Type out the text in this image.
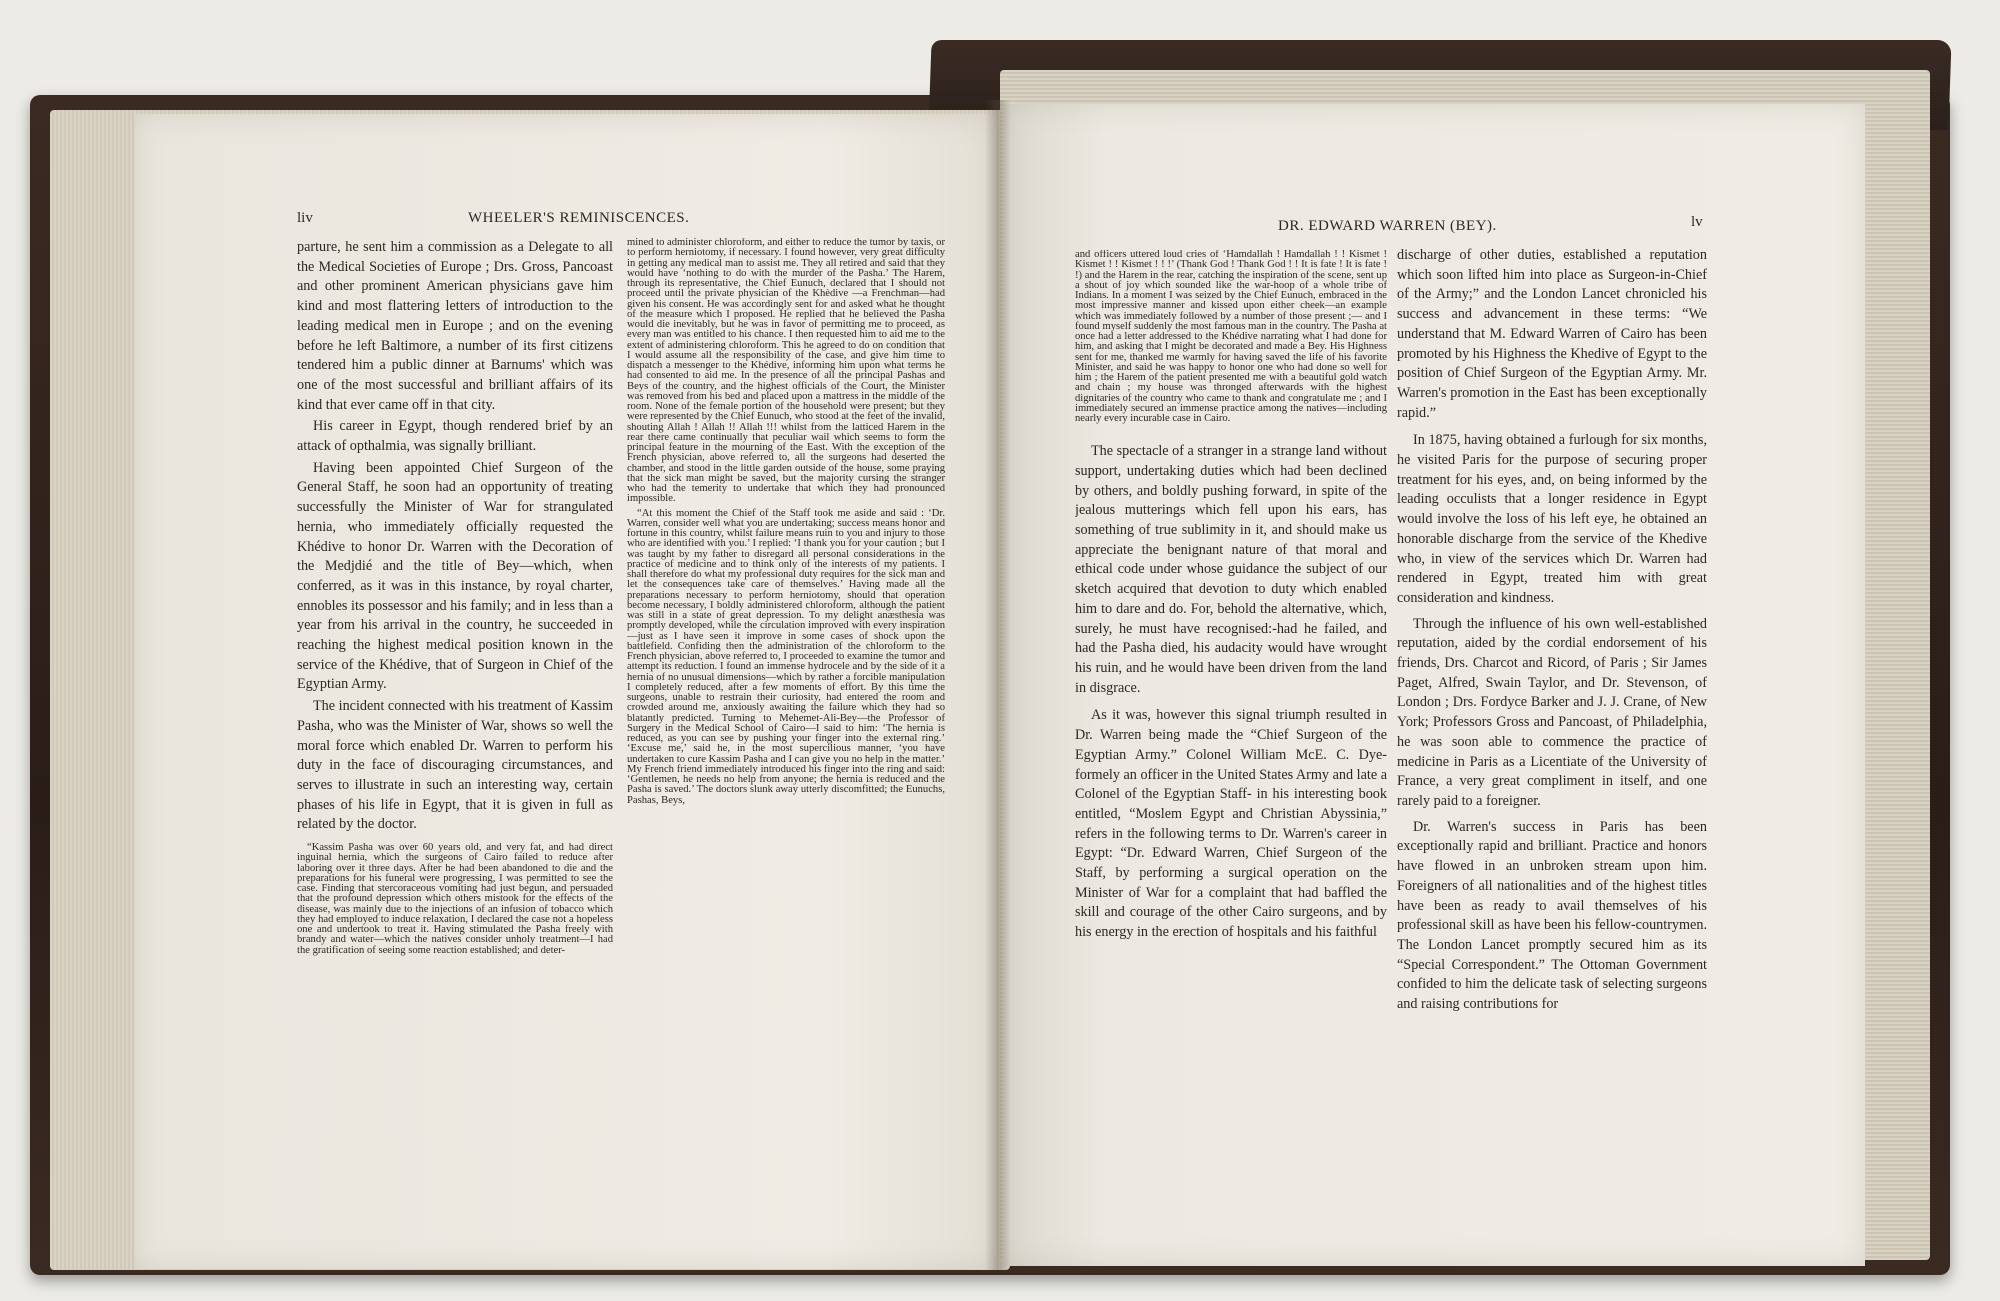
liv	WHEELER'S REMINISCENCES.

parture, he sent him a commission as a Delegate to all the Medical Societies of Europe ; Drs. Gross, Pancoast and other prominent American physicians gave him kind and most flattering letters of introduction to the leading medical men in Europe ; and on the evening before he left Baltimore, a number of its first citizens tendered him a public dinner at Barnums' which was one of the most successful and brilliant affairs of its kind that ever came off in that city.

His career in Egypt, though rendered brief by an attack of opthalmia, was signally brilliant.

Having been appointed Chief Surgeon of the General Staff, he soon had an opportunity of treating successfully the Minister of War for strangulated hernia, who immediately officially requested the Khédive to honor Dr. Warren with the Decoration of the Medjdié and the title of Bey—which, when conferred, as it was in this instance, by royal charter, ennobles its possessor and his family; and in less than a year from his arrival in the country, he succeeded in reaching the highest medical position known in the service of the Khédive, that of Surgeon in Chief of the Egyptian Army.

The incident connected with his treatment of Kassim Pasha, who was the Minister of War, shows so well the moral force which enabled Dr. Warren to perform his duty in the face of discouraging circumstances, and serves to illustrate in such an interesting way, certain phases of his life in Egypt, that it is given in full as related by the doctor.

“Kassim Pasha was over 60 years old, and very fat, and had direct inguinal hernia, which the surgeons of Cairo failed to reduce after laboring over it three days. After he had been abandoned to die and the preparations for his funeral were progressing, I was permitted to see the case. Finding that stercoraceous vomiting had just begun, and persuaded that the profound depression which others mistook for the effects of the disease, was mainly due to the injections of an infusion of tobacco which they had employed to induce relaxation, I declared the case not a hopeless one and undertook to treat it. Having stimulated the Pasha freely with brandy and water—which the natives consider unholy treatment—I had the gratification of seeing some reaction established; and deter-

mined to administer chloroform, and either to reduce the tumor by taxis, or to perform herniotomy, if necessary. I found however, very great difficulty in getting any medical man to assist me. They all retired and said that they would have ‘nothing to do with the murder of the Pasha.’ The Harem, through its representative, the Chief Eunuch, declared that I should not proceed until the private physician of the Khèdive —a Frenchman—had given his consent. He was accordingly sent for and asked what he thought of the measure which I proposed. He replied that he believed the Pasha would die inevitably, but he was in favor of permitting me to proceed, as every man was entitled to his chance. I then requested him to aid me to the extent of administering chloroform. This he agreed to do on condition that I would assume all the responsibility of the case, and give him time to dispatch a messenger to the Khédive, informing him upon what terms he had consented to aid me. In the presence of all the principal Pashas and Beys of the country, and the highest officials of the Court, the Minister was removed from his bed and placed upon a mattress in the middle of the room. None of the female portion of the household were present; but they were represented by the Chief Eunuch, who stood at the feet of the invalid, shouting Allah ! Allah !! Allah !!! whilst from the latticed Harem in the rear there came continually that peculiar wail which seems to form the principal feature in the mourning of the East. With the exception of the French physician, above referred to, all the surgeons had deserted the chamber, and stood in the little garden outside of the house, some praying that the sick man might be saved, but the majority cursing the stranger who had the temerity to undertake that which they had pronounced impossible.

“At this moment the Chief of the Staff took me aside and said : ‘Dr. Warren, consider well what you are undertaking; success means honor and fortune in this country, whilst failure means ruin to you and injury to those who are identified with you.’ I replied: ‘I thank you for your caution ; but I was taught by my father to disregard all personal considerations in the practice of medicine and to think only of the interests of my patients. I shall therefore do what my professional duty requires for the sick man and let the consequences take care of themselves.’ Having made all the preparations necessary to perform herniotomy, should that operation become necessary, I boldly administered chloroform, although the patient was still in a state of great depression. To my delight anæsthesia was promptly developed, while the circulation improved with every inspiration—just as I have seen it improve in some cases of shock upon the battlefield. Confiding then the administration of the chloroform to the French physician, above referred to, I proceeded to examine the tumor and attempt its reduction. I found an immense hydrocele and by the side of it a hernia of no unusual dimensions—which by rather a forcible manipulation I completely reduced, after a few moments of effort. By this time the surgeons, unable to restrain their curiosity, had entered the room and crowded around me, anxiously awaiting the failure which they had so blatantly predicted. Turning to Mehemet-Ali-Bey—the Professor of Surgery in the Medical School of Cairo—I said to him: ‘The hernia is reduced, as you can see by pushing your finger into the external ring.’ ‘Excuse me,’ said he, in the most supercilious manner, ‘you have undertaken to cure Kassim Pasha and I can give you no help in the matter.’ My French friend immediately introduced his finger into the ring and said: ‘Gentlemen, he needs no help from anyone; the hernia is reduced and the Pasha is saved.’ The doctors slunk away utterly discomfitted; the Eunuchs, Pashas, Beys,

DR. EDWARD WARREN (BEY).	lv

and officers uttered loud cries of ‘Hamdallah ! Hamdallah ! ! Kismet ! Kismet ! ! Kismet ! ! !’ (Thank God ! Thank God ! ! It is fate ! It is fate ! !) and the Harem in the rear, catching the inspiration of the scene, sent up a shout of joy which sounded like the war-hoop of a whole tribe of Indians. In a moment I was seized by the Chief Eunuch, embraced in the most impressive manner and kissed upon either cheek—an example which was immediately followed by a number of those present ;— and I found myself suddenly the most famous man in the country. The Pasha at once had a letter addressed to the Khédive narrating what I had done for him, and asking that I might be decorated and made a Bey. His Highness sent for me, thanked me warmly for having saved the life of his favorite Minister, and said he was happy to honor one who had done so well for him ; the Harem of the patient presented me with a beautiful gold watch and chain ; my house was thronged afterwards with the highest dignitaries of the country who came to thank and congratulate me ; and I immediately secured an immense practice among the natives—including nearly every incurable case in Cairo.

The spectacle of a stranger in a strange land without support, undertaking duties which had been declined by others, and boldly pushing forward, in spite of the jealous mutterings which fell upon his ears, has something of true sublimity in it, and should make us appreciate the benignant nature of that moral and ethical code under whose guidance the subject of our sketch acquired that devotion to duty which enabled him to dare and do. For, behold the alternative, which, surely, he must have recognised:-had he failed, and had the Pasha died, his audacity would have wrought his ruin, and he would have been driven from the land in disgrace.

As it was, however this signal triumph resulted in Dr. Warren being made the “Chief Surgeon of the Egyptian Army.” Colonel William McE. C. Dye-formely an officer in the United States Army and late a Colonel of the Egyptian Staff- in his interesting book entitled, “Moslem Egypt and Christian Abyssinia,” refers in the following terms to Dr. Warren's career in Egypt: “Dr. Edward Warren, Chief Surgeon of the Staff, by performing a surgical operation on the Minister of War for a complaint that had baffled the skill and courage of the other Cairo surgeons, and by his energy in the erection of hospitals and his faithful

discharge of other duties, established a reputation which soon lifted him into place as Surgeon-in-Chief of the Army;” and the London Lancet chronicled his success and advancement in these terms: “We understand that M. Edward Warren of Cairo has been promoted by his Highness the Khedive of Egypt to the position of Chief Surgeon of the Egyptian Army. Mr. Warren's promotion in the East has been exceptionally rapid.”

In 1875, having obtained a furlough for six months, he visited Paris for the purpose of securing proper treatment for his eyes, and, on being informed by the leading occulists that a longer residence in Egypt would involve the loss of his left eye, he obtained an honorable discharge from the service of the Khedive who, in view of the services which Dr. Warren had rendered in Egypt, treated him with great consideration and kindness.

Through the influence of his own well-established reputation, aided by the cordial endorsement of his friends, Drs. Charcot and Ricord, of Paris ; Sir James Paget, Alfred, Swain Taylor, and Dr. Stevenson, of London ; Drs. Fordyce Barker and J. J. Crane, of New York; Professors Gross and Pancoast, of Philadelphia, he was soon able to commence the practice of medicine in Paris as a Licentiate of the University of France, a very great compliment in itself, and one rarely paid to a foreigner.

Dr. Warren's success in Paris has been exceptionally rapid and brilliant. Practice and honors have flowed in an unbroken stream upon him. Foreigners of all nationalities and of the highest titles have been as ready to avail themselves of his professional skill as have been his fellow-countrymen. The London Lancet promptly secured him as its “Special Correspondent.” The Ottoman Government confided to him the delicate task of selecting surgeons and raising contributions for
